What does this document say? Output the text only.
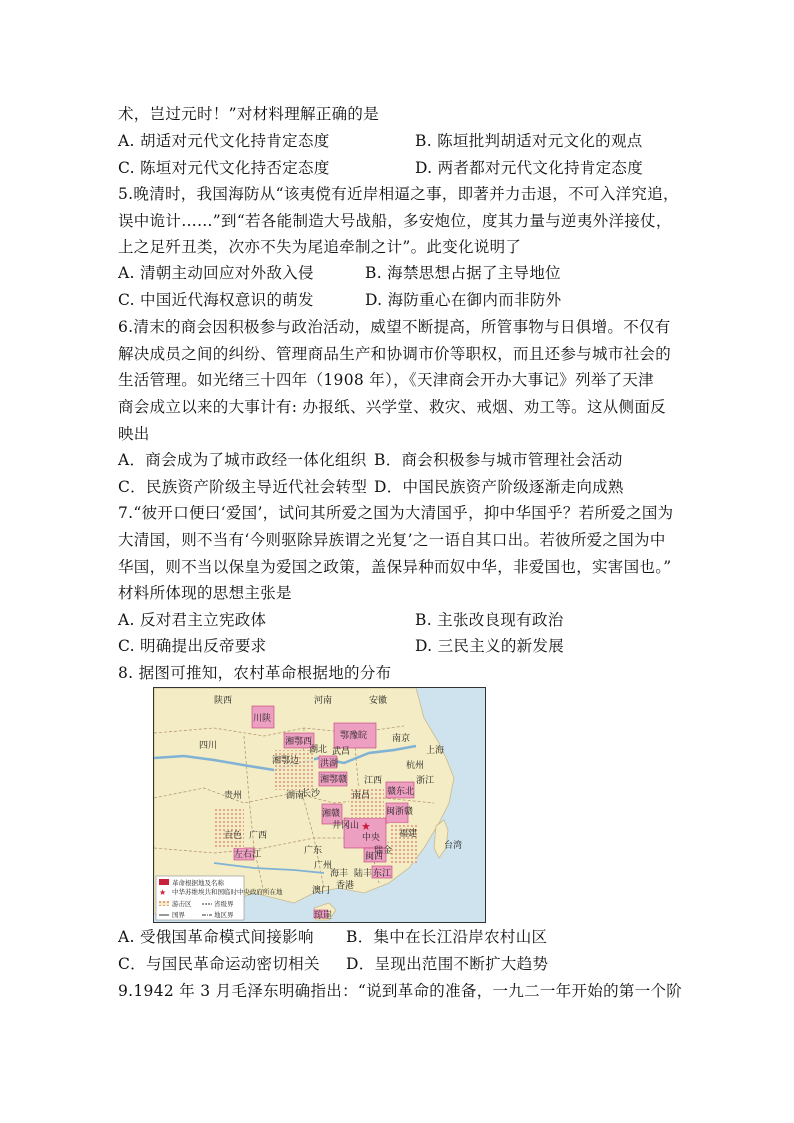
术，岂过元时！”对材料理解正确的是
A. 胡适对元代文化持肯定态度	B. 陈垣批判胡适对元文化的观点
C. 陈垣对元代文化持否定态度	D. 两者都对元代文化持肯定态度
5.晚清时，我国海防从“该夷傥有近岸相逼之事，即著并力击退，不可入洋究追，
误中诡计……”到“若各能制造大号战船，多安炮位，度其力量与逆夷外洋接仗，
上之足歼丑类，次亦不失为尾追牵制之计”。此变化说明了
A. 清朝主动回应对外敌入侵	B. 海禁思想占据了主导地位
C. 中国近代海权意识的萌发	D. 海防重心在御内而非防外
6.清末的商会因积极参与政治活动，威望不断提高，所管事物与日俱增。不仅有
解决成员之间的纠纷、管理商品生产和协调市价等职权，而且还参与城市社会的
生活管理。如光绪三十四年（1908 年），《天津商会开办大事记》列举了天津
商会成立以来的大事计有: 办报纸、兴学堂、救灾、戒烟、劝工等。这从侧面反
映出
A．商会成为了城市政经一体化组织 B．商会积极参与城市管理社会活动
C．民族资产阶级主导近代社会转型 D．中国民族资产阶级逐渐走向成熟
7.“彼开口便曰‘爱国’，试问其所爱之国为大清国乎，抑中华国乎？若所爱之国为
大清国，则不当有‘今则驱除异族谓之光复’之一语自其口出。若彼所爱之国为中
华国，则不当以保皇为爱国之政策，盖保异种而奴中华，非爱国也，实害国也。”
材料所体现的思想主张是
A. 反对君主立宪政体	B. 主张改良现有政治
C. 明确提出反帝要求	D. 三民主义的新发展
8. 据图可推知，农村革命根据地的分布
★
陕西	河南	安徽
四川	湖北
湖南
江西	浙江
福建
广东
广西
贵州
台湾
川陕
湘鄂西
鄂豫皖
洪湖
湘鄂赣
赣东北
湘赣
中央
闽浙赣
左右江
琼崖
湘鄂边
闽西
东江
南京
上海
武昌
杭州
长沙	南昌
井冈山
瑞金
广州
香港
海丰 陆丰
百色
澳门
革命根据地及名称
★ 中华苏维埃共和国临时中央政府所在地
游击区	省级界
国界	地区界
A. 受俄国革命模式间接影响 B．集中在长江沿岸农村山区
C．与国民革命运动密切相关 D．呈现出范围不断扩大趋势
9.1942 年 3 月毛泽东明确指出：“说到革命的准备，一九二一年开始的第一个阶
